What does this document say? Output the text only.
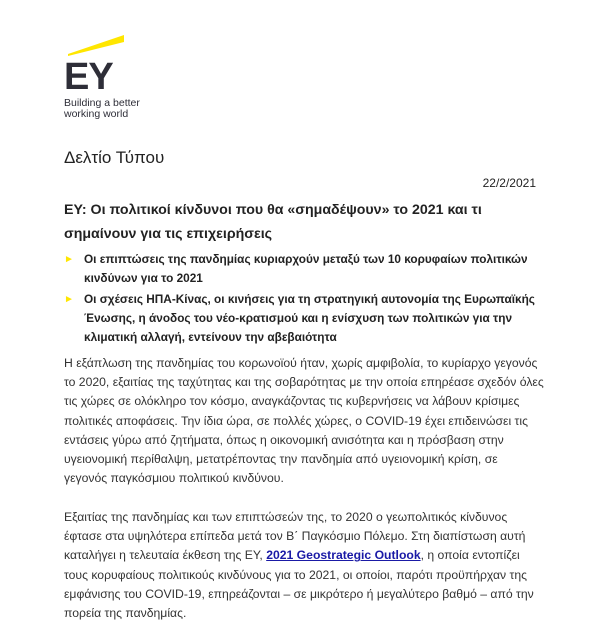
EY
Building a better
working world
Δελτίο Τύπου
22/2/2021
EY: Οι πολιτικοί κίνδυνοι που θα «σημαδέψουν» το 2021 και τι σημαίνουν για τις επιχειρήσεις
► Οι επιπτώσεις της πανδημίας κυριαρχούν μεταξύ των 10 κορυφαίων πολιτικών κινδύνων για το 2021
► Οι σχέσεις ΗΠΑ-Κίνας, οι κινήσεις για τη στρατηγική αυτονομία της Ευρωπαϊκής Ένωσης, η άνοδος του νέο-κρατισμού και η ενίσχυση των πολιτικών για την κλιματική αλλαγή, εντείνουν την αβεβαιότητα

Η εξάπλωση της πανδημίας του κορωνοϊού ήταν, χωρίς αμφιβολία, το κυρίαρχο γεγονός το 2020, εξαιτίας της ταχύτητας και της σοβαρότητας με την οποία επηρέασε σχεδόν όλες τις χώρες σε ολόκληρο τον κόσμο, αναγκάζοντας τις κυβερνήσεις να λάβουν κρίσιμες πολιτικές αποφάσεις. Την ίδια ώρα, σε πολλές χώρες, ο COVID-19 έχει επιδεινώσει τις εντάσεις γύρω από ζητήματα, όπως η οικονομική ανισότητα και η πρόσβαση στην υγειονομική περίθαλψη, μετατρέποντας την πανδημία από υγειονομική κρίση, σε γεγονός παγκόσμιου πολιτικού κινδύνου.

Εξαιτίας της πανδημίας και των επιπτώσεών της, το 2020 ο γεωπολιτικός κίνδυνος έφτασε στα υψηλότερα επίπεδα μετά τον Β΄ Παγκόσμιο Πόλεμο. Στη διαπίστωση αυτή καταλήγει η τελευταία έκθεση της EY, 2021 Geostrategic Outlook, η οποία εντοπίζει τους κορυφαίους πολιτικούς κινδύνους για το 2021, οι οποίοι, παρότι προϋπήρχαν της εμφάνισης του COVID-19, επηρεάζονται – σε μικρότερο ή μεγαλύτερο βαθμό – από την πορεία της πανδημίας.
